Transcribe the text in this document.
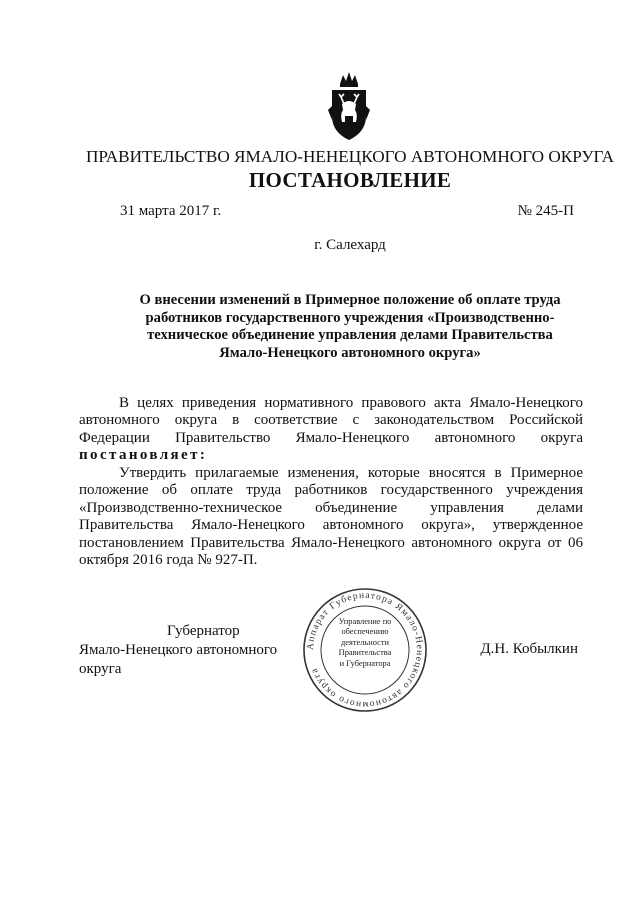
ПРАВИТЕЛЬСТВО ЯМАЛО-НЕНЕЦКОГО АВТОНОМНОГО ОКРУГА
ПОСТАНОВЛЕНИЕ
31 марта 2017 г.	№ 245-П
г. Салехард
О внесении изменений в Примерное положение об оплате труда
работников государственного учреждения «Производственно-
техническое объединение управления делами Правительства
Ямало-Ненецкого автономного округа»
В целях приведения нормативного правового акта Ямало-Ненецкого автономного округа в соответствие с законодательством Российской Федерации Правительство Ямало-Ненецкого автономного округа постановляет:
Утвердить прилагаемые изменения, которые вносятся в Примерное положение об оплате труда работников государственного учреждения «Производственно-техническое объединение управления делами Правительства Ямало-Ненецкого автономного округа», утвержденное постановлением Правительства Ямало-Ненецкого автономного округа от 06 октября 2016 года № 927-П.
Губернатор
Ямало-Ненецкого автономного округа
Д.Н. Кобылкин
Аппарат Губернатора Ямало-Ненецкого автономного округа
Управление по
обеспечению
деятельности
Правительства
и Губернатора
